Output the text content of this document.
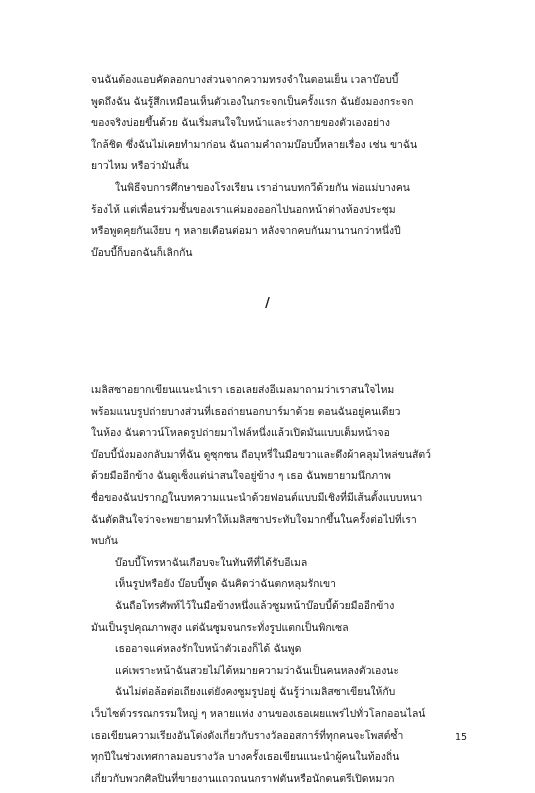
จนฉันต้องแอบคัดลอกบางส่วนจากความทรงจำในตอนเย็น เวลาบ๊อบบี้
พูดถึงฉัน ฉันรู้สึกเหมือนเห็นตัวเองในกระจกเป็นครั้งแรก ฉันยังมองกระจก
ของจริงบ่อยขึ้นด้วย ฉันเริ่มสนใจใบหน้าและร่างกายของตัวเองอย่าง
ใกล้ชิด ซึ่งฉันไม่เคยทำมาก่อน ฉันถามคำถามบ๊อบบี้หลายเรื่อง เช่น ขาฉัน
ยาวไหม หรือว่ามันสั้น
ในพิธีจบการศึกษาของโรงเรียน เราอ่านบทกวีด้วยกัน พ่อแม่บางคน
ร้องไห้ แต่เพื่อนร่วมชั้นของเราแค่มองออกไปนอกหน้าต่างห้องประชุม
หรือพูดคุยกันเงียบ ๆ หลายเดือนต่อมา หลังจากคบกันมานานกว่าหนึ่งปี
บ๊อบบี้ก็บอกฉันก็เลิกกัน
/
เมลิสซาอยากเขียนแนะนำเรา เธอเลยส่งอีเมลมาถามว่าเราสนใจไหม
พร้อมแนบรูปถ่ายบางส่วนที่เธอถ่ายนอกบาร์มาด้วย ตอนฉันอยู่คนเดียว
ในห้อง ฉันดาวน์โหลดรูปถ่ายมาไฟล์หนึ่งแล้วเปิดมันแบบเต็มหน้าจอ
บ๊อบบี้นั่งมองกลับมาที่ฉัน ดูซุกซน ถือบุหรี่ในมือขวาและดึงผ้าคลุมไหล่ขนสัตว์
ด้วยมืออีกข้าง ฉันดูเซ็งแต่น่าสนใจอยู่ข้าง ๆ เธอ ฉันพยายามนึกภาพ
ชื่อของฉันปรากฏในบทความแนะนำด้วยฟอนต์แบบมีเชิงที่มีเส้นตั้งแบบหนา
ฉันตัดสินใจว่าจะพยายามทำให้เมลิสซาประทับใจมากขึ้นในครั้งต่อไปที่เรา
พบกัน
บ๊อบบี้โทรหาฉันเกือบจะในทันทีที่ได้รับอีเมล
เห็นรูปหรือยัง บ๊อบบี้พูด ฉันคิดว่าฉันตกหลุมรักเขา
ฉันถือโทรศัพท์ไว้ในมือข้างหนึ่งแล้วซูมหน้าบ๊อบบี้ด้วยมืออีกข้าง
มันเป็นรูปคุณภาพสูง แต่ฉันซูมจนกระทั่งรูปแตกเป็นพิกเซล
เธออาจแค่หลงรักใบหน้าตัวเองก็ได้ ฉันพูด
แค่เพราะหน้าฉันสวยไม่ได้หมายความว่าฉันเป็นคนหลงตัวเองนะ
ฉันไม่ต่อล้อต่อเถียงแต่ยังคงซูมรูปอยู่ ฉันรู้ว่าเมลิสซาเขียนให้กับ
เว็บไซต์วรรณกรรมใหญ่ ๆ หลายแห่ง งานของเธอเผยแพร่ไปทั่วโลกออนไลน์
เธอเขียนความเรียงอันโด่งดังเกี่ยวกับรางวัลออสการ์ที่ทุกคนจะโพสต์ซ้ำ
ทุกปีในช่วงเทศกาลมอบรางวัล บางครั้งเธอเขียนแนะนำผู้คนในท้องถิ่น
เกี่ยวกับพวกศิลปินที่ขายงานแถวถนนกราฟตันหรือนักดนตรีเปิดหมวก
15
